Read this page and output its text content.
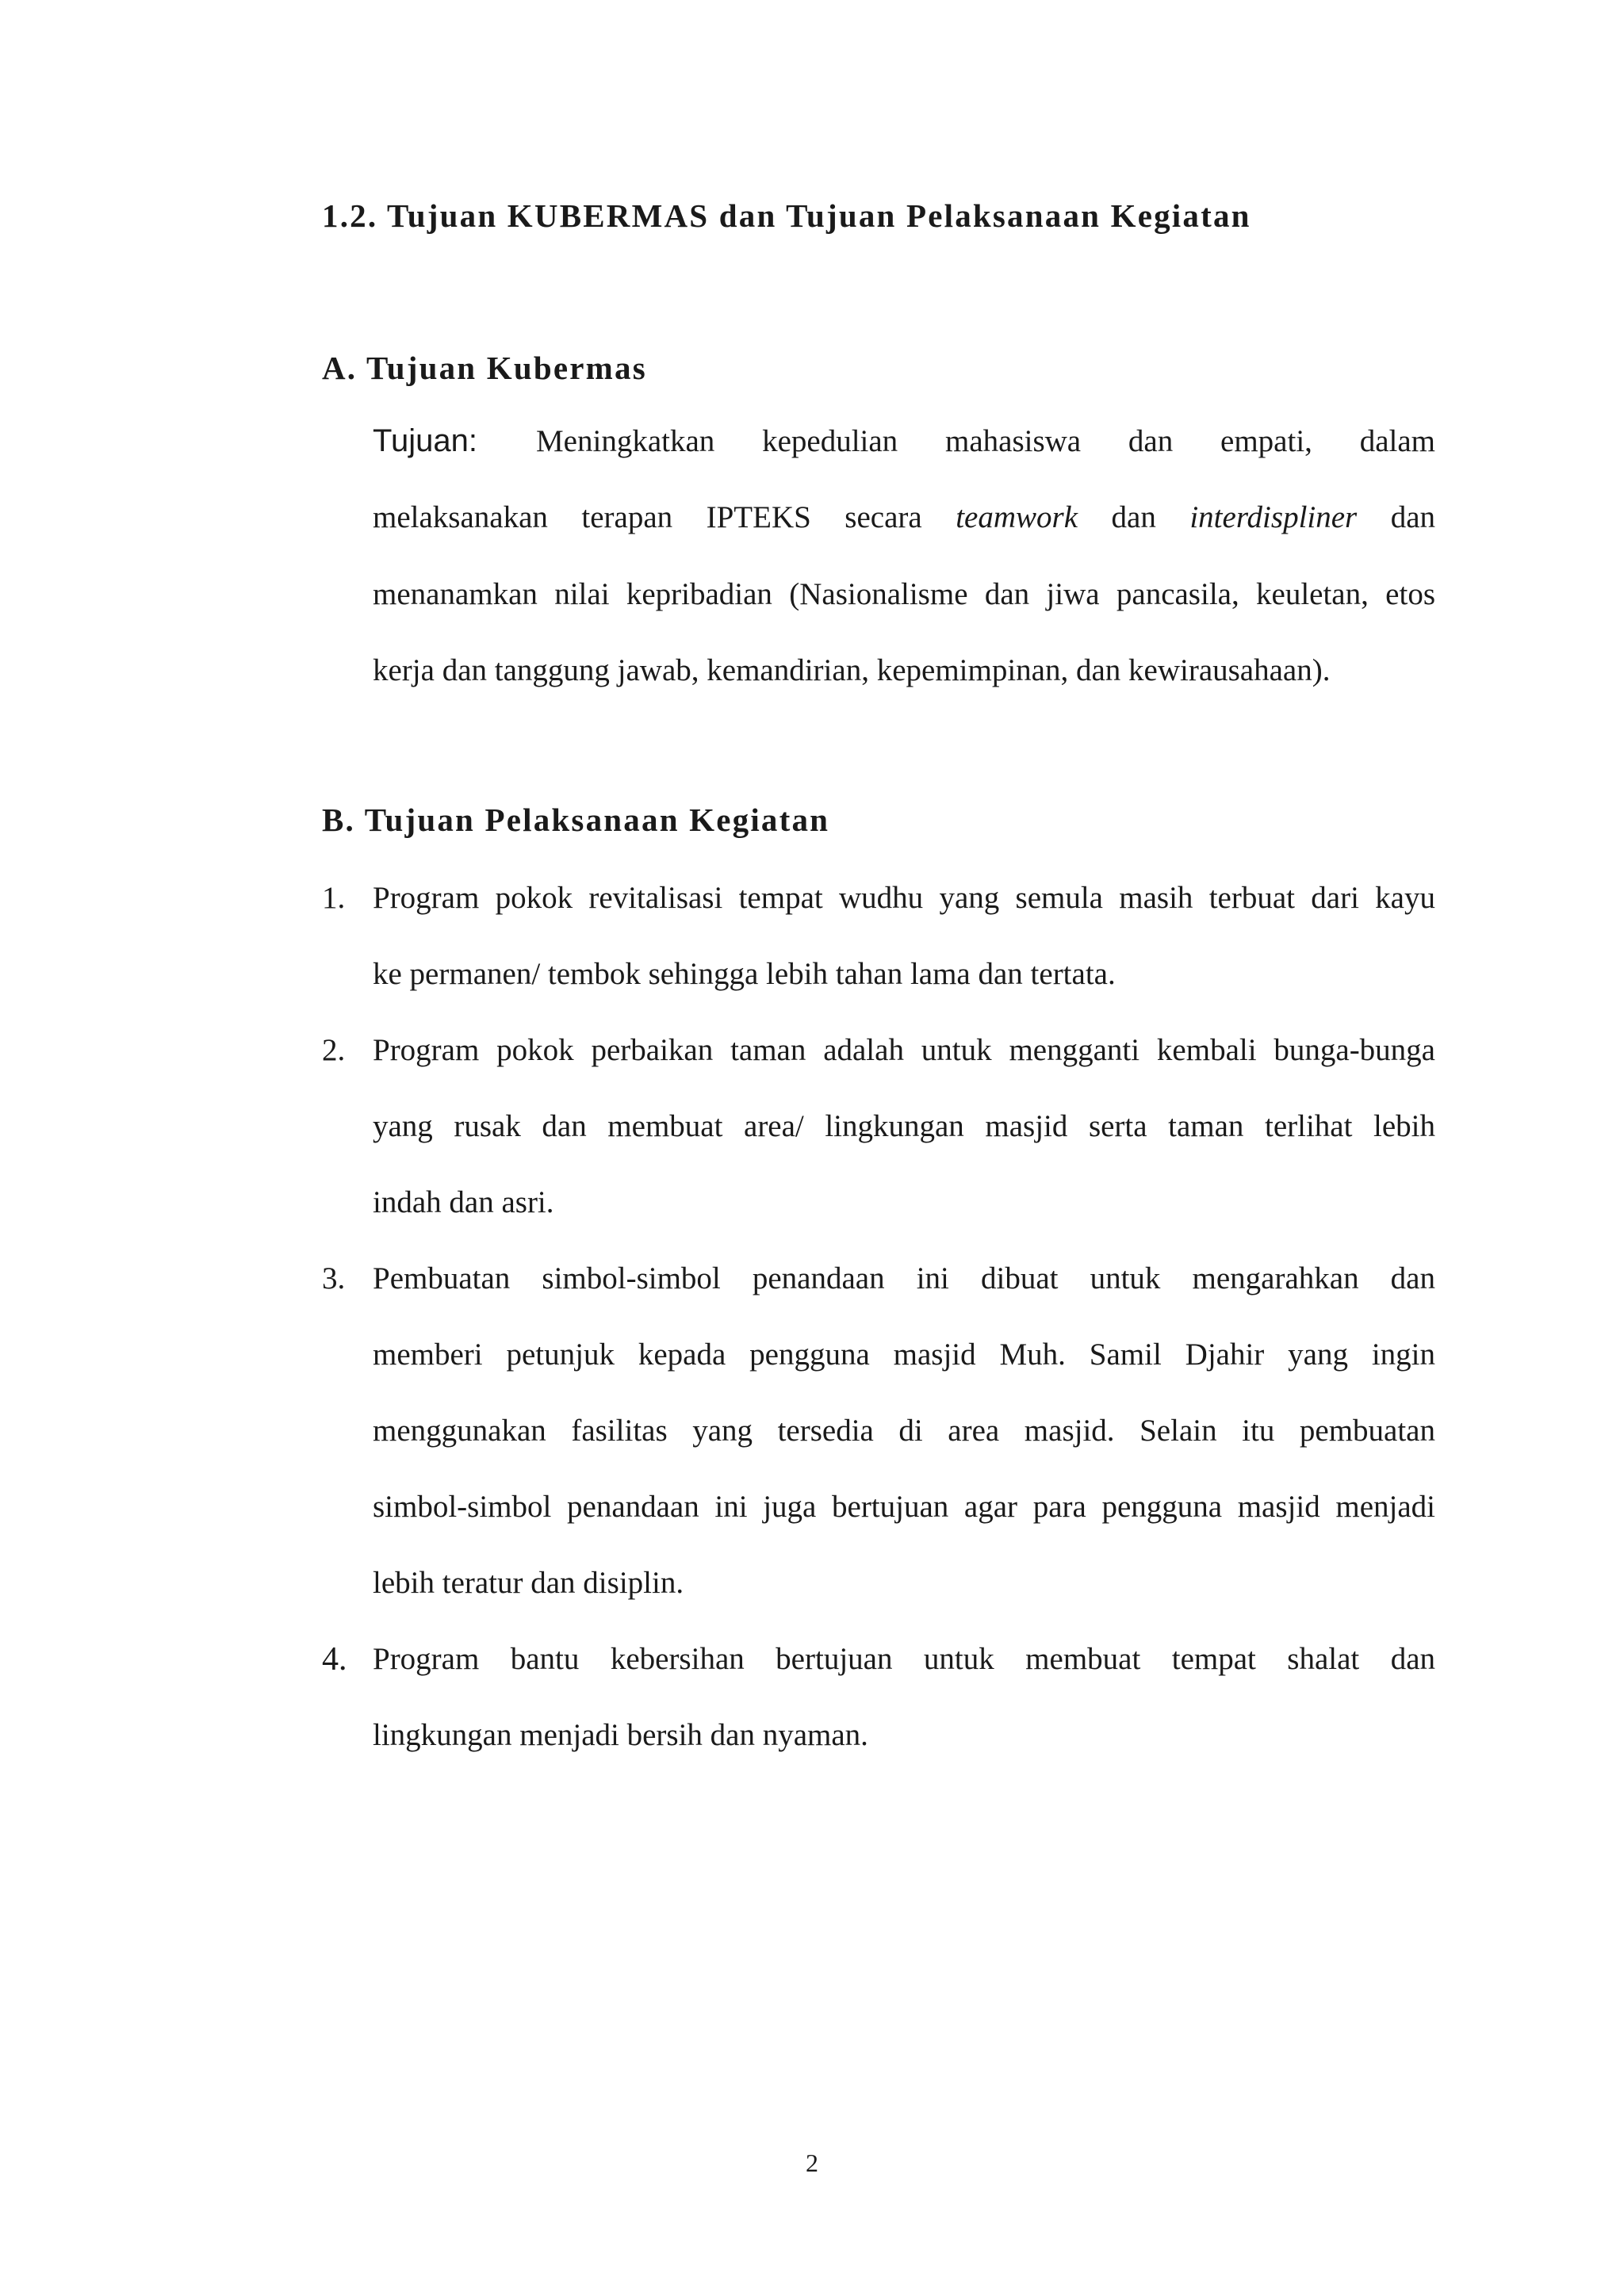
1.2. Tujuan KUBERMAS dan Tujuan Pelaksanaan Kegiatan
A. Tujuan Kubermas
Tujuan: Meningkatkan kepedulian mahasiswa dan empati, dalam

melaksanakan terapan IPTEKS secara teamwork dan interdispliner dan

menanamkan nilai kepribadian (Nasionalisme dan jiwa pancasila, keuletan, etos

kerja dan tanggung jawab, kemandirian, kepemimpinan, dan kewirausahaan).

B. Tujuan Pelaksanaan Kegiatan
1. Program pokok revitalisasi tempat wudhu yang semula masih terbuat dari kayu

ke permanen/ tembok sehingga lebih tahan lama dan tertata.

2. Program pokok perbaikan taman adalah untuk mengganti kembali bunga-bunga

yang rusak dan membuat area/ lingkungan masjid serta taman terlihat lebih

indah dan asri.

3. Pembuatan simbol-simbol penandaan ini dibuat untuk mengarahkan dan

memberi petunjuk kepada pengguna masjid Muh. Samil Djahir yang ingin

menggunakan fasilitas yang tersedia di area masjid. Selain itu pembuatan

simbol-simbol penandaan ini juga bertujuan agar para pengguna masjid menjadi

lebih teratur dan disiplin.

4. Program bantu kebersihan bertujuan untuk membuat tempat shalat dan

lingkungan menjadi bersih dan nyaman.

2
